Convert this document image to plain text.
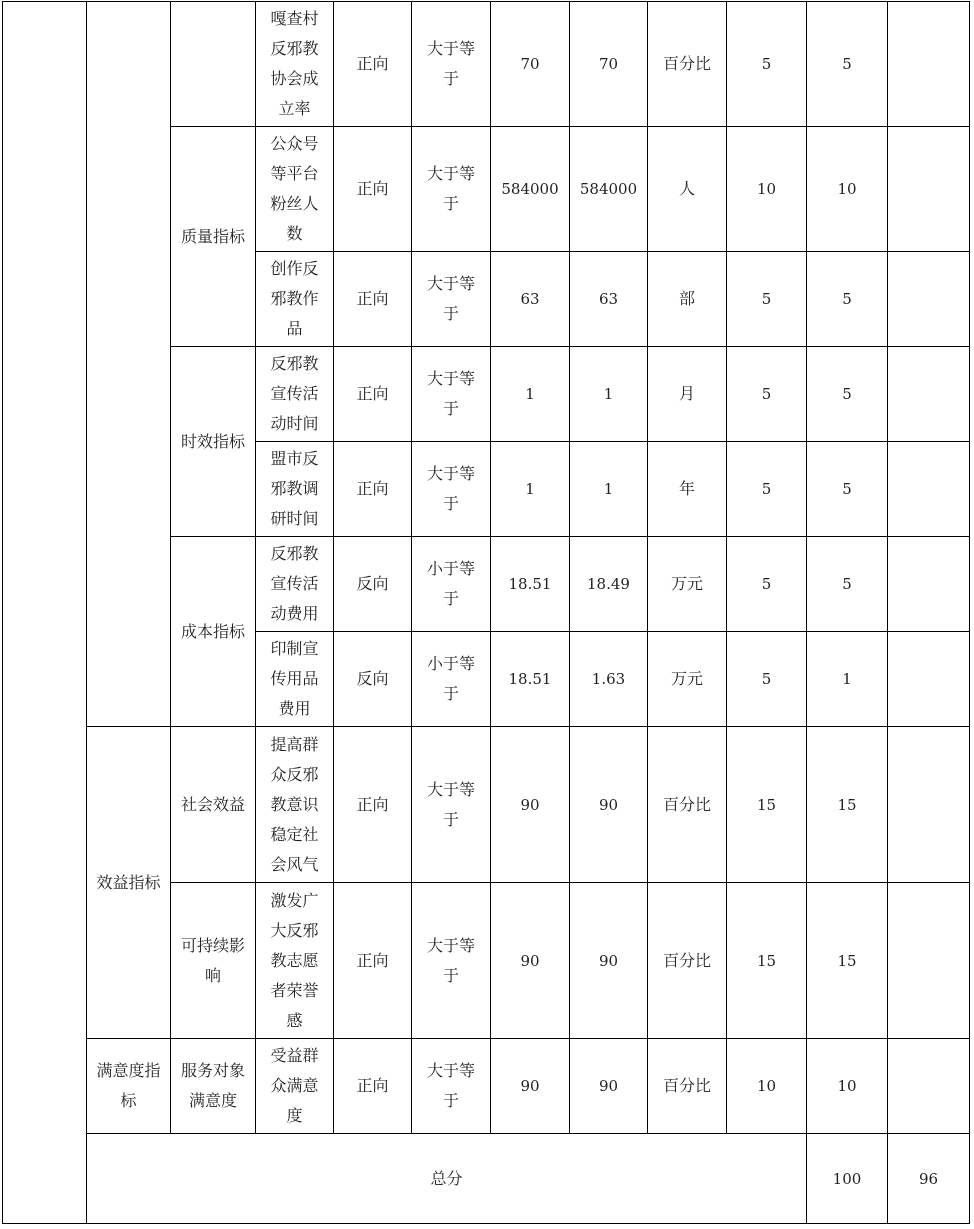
			嘎查村反邪教协会成立率	正向	大于等于	70	70	百分比	5	5		
		质量指标	公众号等平台粉丝人数	正向	大于等于	584000	584000	人	10	10		
			创作反邪教作品	正向	大于等于	63	63	部	5	5		
		时效指标	反邪教宣传活动时间	正向	大于等于	1	1	月	5	5		
			盟市反邪教调研时间	正向	大于等于	1	1	年	5	5		
		成本指标	反邪教宣传活动费用	反向	小于等于	18.51	18.49	万元	5	5		
			印制宣传用品费用	反向	小于等于	18.51	1.63	万元	5	1		
	效益指标	社会效益	提高群众反邪教意识稳定社会风气	正向	大于等于	90	90	百分比	15	15		
		可持续影响	激发广大反邪教志愿者荣誉感	正向	大于等于	90	90	百分比	15	15		
	满意度指标	服务对象满意度	受益群众满意度	正向	大于等于	90	90	百分比	10	10		
	总分									100	96	
